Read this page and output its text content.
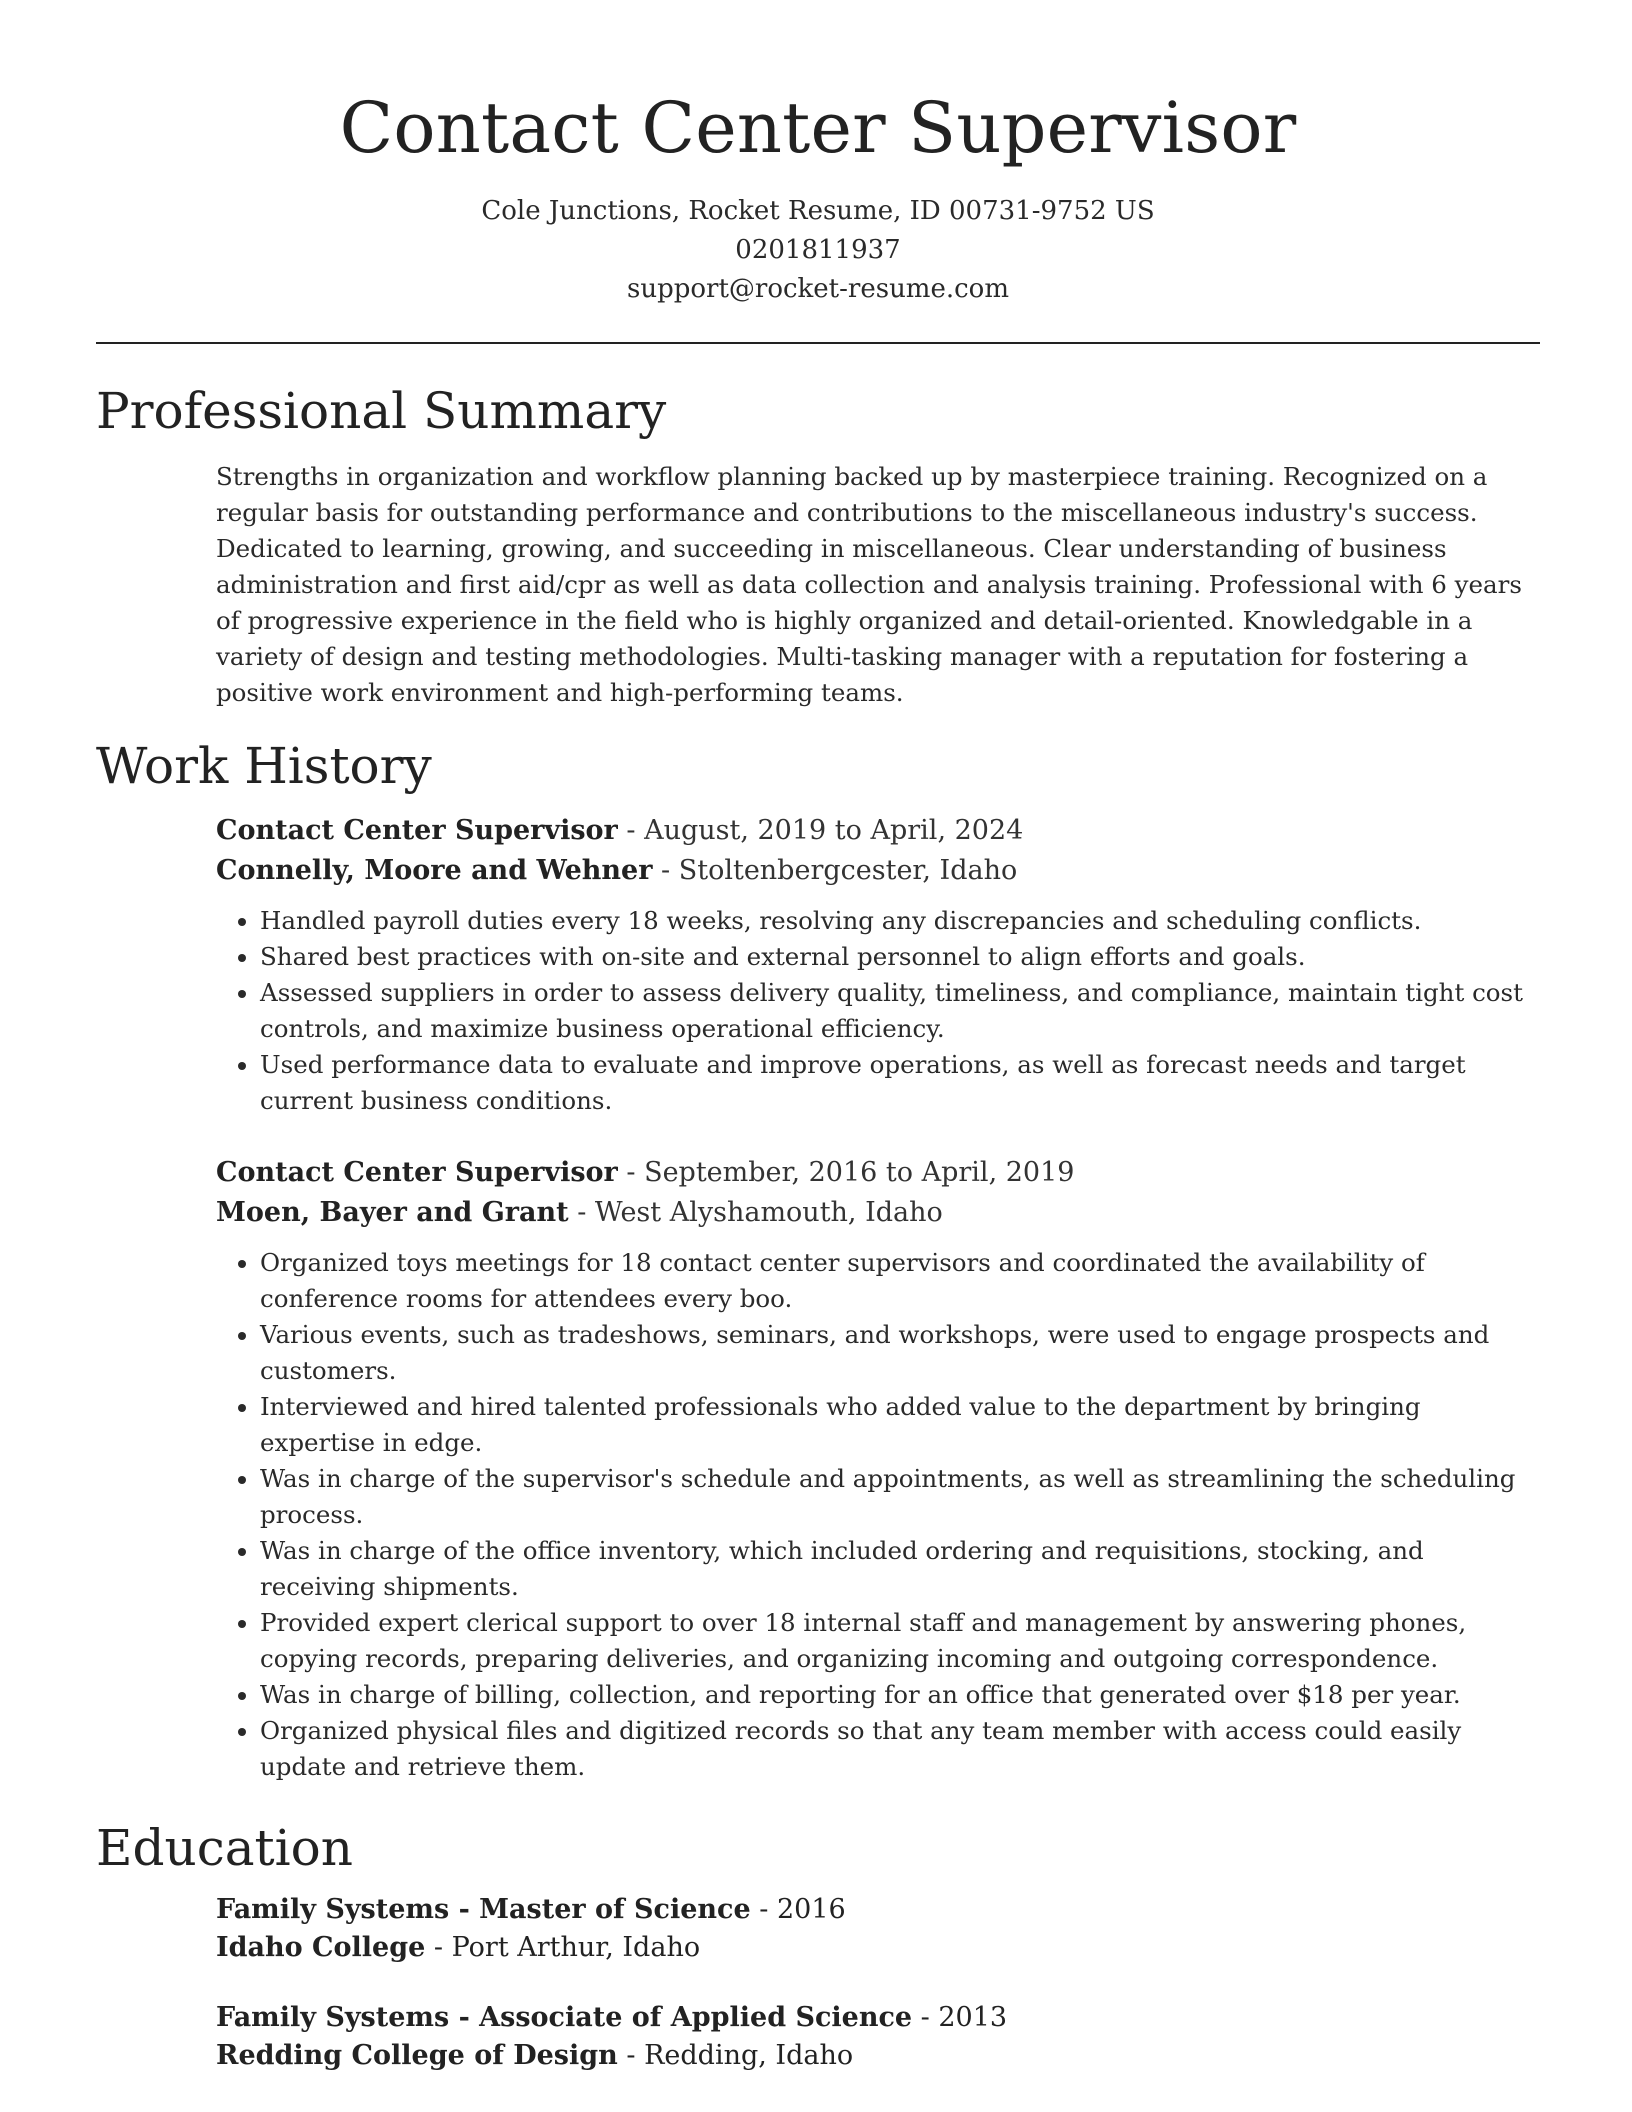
Contact Center Supervisor
Cole Junctions, Rocket Resume, ID 00731-9752 US
0201811937
support@rocket-resume.com
Professional Summary

Strengths in organization and workflow planning backed up by masterpiece training. Recognized on a regular basis for outstanding performance and contributions to the miscellaneous industry's success. Dedicated to learning, growing, and succeeding in miscellaneous. Clear understanding of business administration and first aid/cpr as well as data collection and analysis training. Professional with 6 years of progressive experience in the field who is highly organized and detail-oriented. Knowledgable in a variety of design and testing methodologies. Multi-tasking manager with a reputation for fostering a positive work environment and high-performing teams.

Work History
Contact Center Supervisor - August, 2019 to April, 2024
Connelly, Moore and Wehner - Stoltenbergcester, Idaho
• Handled payroll duties every 18 weeks, resolving any discrepancies and scheduling conflicts.
• Shared best practices with on-site and external personnel to align efforts and goals.
• Assessed suppliers in order to assess delivery quality, timeliness, and compliance, maintain tight cost controls, and maximize business operational efficiency.
• Used performance data to evaluate and improve operations, as well as forecast needs and target current business conditions.
Contact Center Supervisor - September, 2016 to April, 2019
Moen, Bayer and Grant - West Alyshamouth, Idaho
• Organized toys meetings for 18 contact center supervisors and coordinated the availability of conference rooms for attendees every boo.
• Various events, such as tradeshows, seminars, and workshops, were used to engage prospects and customers.
• Interviewed and hired talented professionals who added value to the department by bringing expertise in edge.
• Was in charge of the supervisor's schedule and appointments, as well as streamlining the scheduling process.
• Was in charge of the office inventory, which included ordering and requisitions, stocking, and receiving shipments.
• Provided expert clerical support to over 18 internal staff and management by answering phones, copying records, preparing deliveries, and organizing incoming and outgoing correspondence.
• Was in charge of billing, collection, and reporting for an office that generated over $18 per year.
• Organized physical files and digitized records so that any team member with access could easily update and retrieve them.
Education
Family Systems - Master of Science - 2016
Idaho College - Port Arthur, Idaho
Family Systems - Associate of Applied Science - 2013
Redding College of Design - Redding, Idaho
